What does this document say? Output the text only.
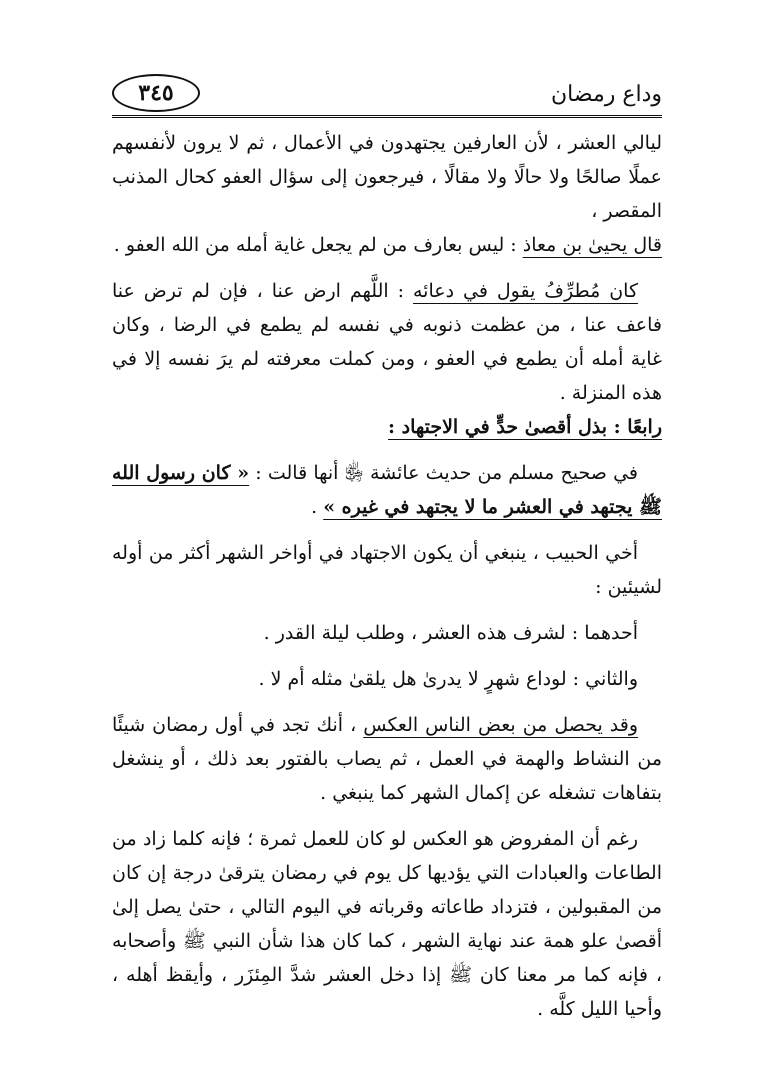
وداع رمضان
٣٤٥

ليالي العشر ، لأن العارفين يجتهدون في الأعمال ، ثم لا يرون لأنفسهم عملًا صالحًا ولا حالًا ولا مقالًا ، فيرجعون إلى سؤال العفو كحال المذنب المقصر ،

قال يحيىٰ بن معاذ : ليس بعارف من لم يجعل غاية أمله من الله العفو .

كان مُطرِّفُ يقول في دعائه : اللَّهم ارض عنا ، فإن لم ترض عنا فاعف عنا ، من عظمت ذنوبه في نفسه لم يطمع في الرضا ، وكان غاية أمله أن يطمع في العفو ، ومن كملت معرفته لم يرَ نفسه إلا في هذه المنزلة .

رابعًا : بذل أقصىٰ حدٍّ في الاجتهاد :

في صحيح مسلم من حديث عائشة ﵂ أنها قالت : « كان رسول الله ﷺ يجتهد في العشر ما لا يجتهد في غيره » .

أخي الحبيب ، ينبغي أن يكون الاجتهاد في أواخر الشهر أكثر من أوله لشيئين :

أحدهما : لشرف هذه العشر ، وطلب ليلة القدر .

والثاني : لوداع شهرٍ لا يدرىٰ هل يلقىٰ مثله أم لا .

وقد يحصل من بعض الناس العكس ، أنك تجد في أول رمضان شيئًا من النشاط والهمة في العمل ، ثم يصاب بالفتور بعد ذلك ، أو ينشغل بتفاهات تشغله عن إكمال الشهر كما ينبغي .

رغم أن المفروض هو العكس لو كان للعمل ثمرة ؛ فإنه كلما زاد من الطاعات والعبادات التي يؤديها كل يوم في رمضان يترقىٰ درجة إن كان من المقبولين ، فتزداد طاعاته وقرباته في اليوم التالي ، حتىٰ يصل إلىٰ أقصىٰ علو همة عند نهاية الشهر ، كما كان هذا شأن النبي ﷺ وأصحابه ، فإنه كما مر معنا كان ﷺ إذا دخل العشر شدَّ المِئزَر ، وأيقظ أهله ، وأحيا الليل كلَّه .
